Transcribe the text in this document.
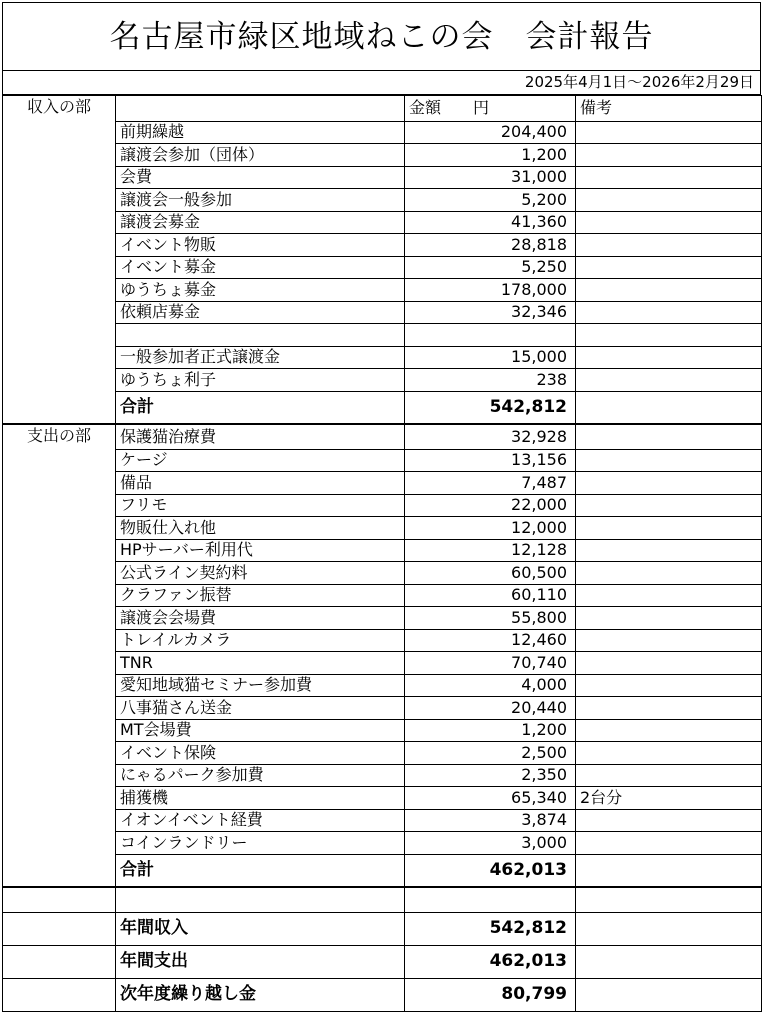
名古屋市緑区地域ねこの会　会計報告
2025年4月1日～2026年2月29日
収入の部		金額　　円	備考
	前期繰越	204,400	
	譲渡会参加（団体）	1,200	
	会費	31,000	
	譲渡会一般参加	5,200	
	譲渡会募金	41,360	
	イベント物販	28,818	
	イベント募金	5,250	
	ゆうちょ募金	178,000	
	依頼店募金	32,346	

	一般参加者正式譲渡金	15,000	
	ゆうちょ利子	238	
	合計	542,812	
支出の部	保護猫治療費	32,928	
	ケージ	13,156	
	備品	7,487	
	フリモ	22,000	
	物販仕入れ他	12,000	
	HPサーバー利用代	12,128	
	公式ライン契約料	60,500	
	クラファン振替	60,110	
	譲渡会会場費	55,800	
	トレイルカメラ	12,460	
	TNR	70,740	
	愛知地域猫セミナー参加費	4,000	
	八事猫さん送金	20,440	
	MT会場費	1,200	
	イベント保険	2,500	
	にゃるパーク参加費	2,350	
	捕獲機	65,340	2台分
	イオンイベント経費	3,874	
	コインランドリー	3,000	
	合計	462,013	

	年間収入	542,812	
	年間支出	462,013	
	次年度繰り越し金	80,799	
